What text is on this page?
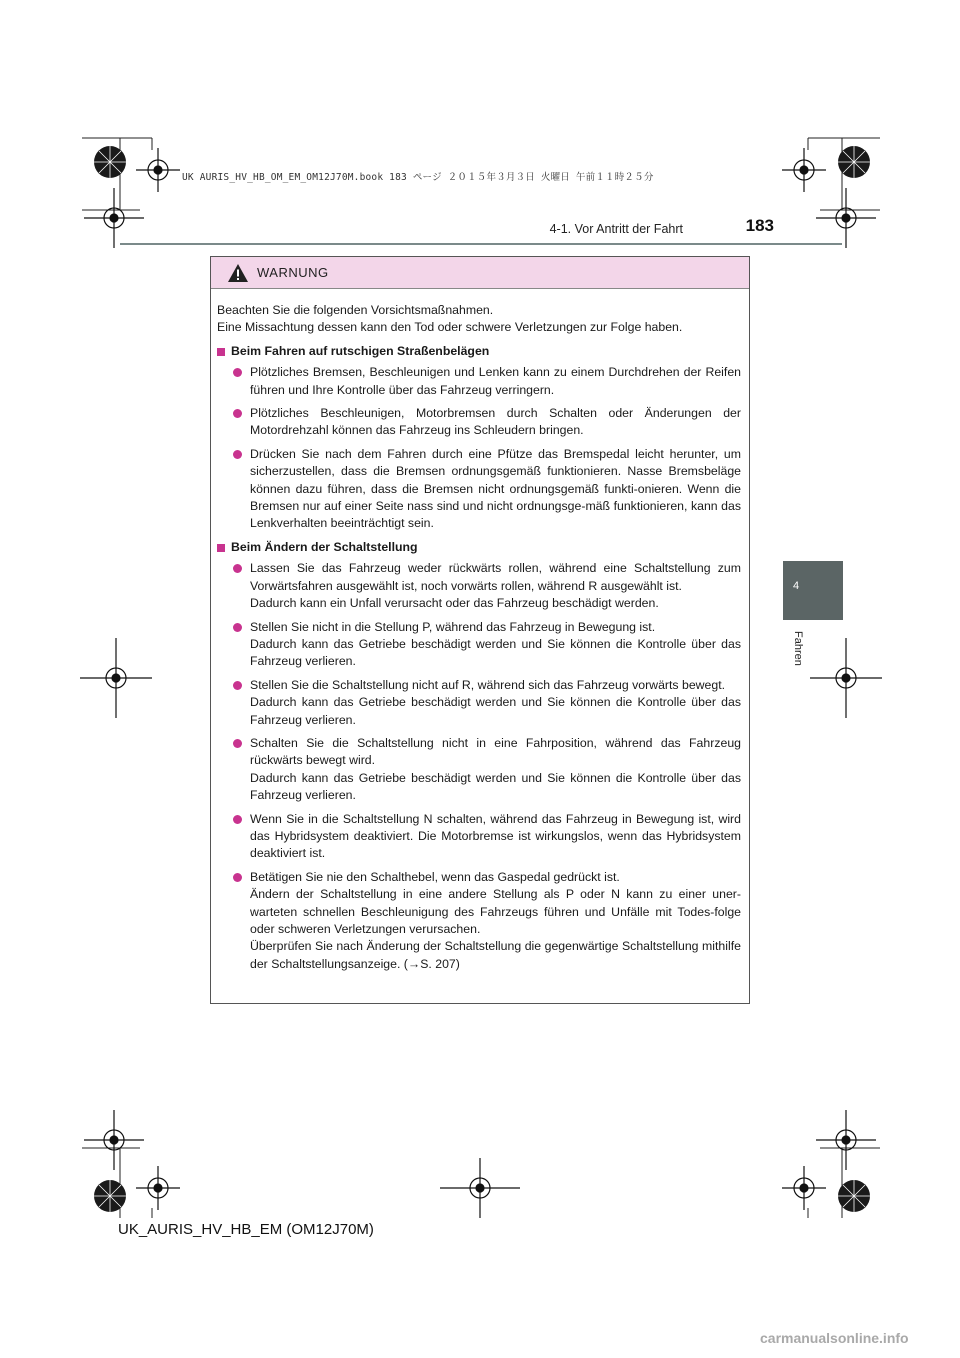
UK AURIS_HV_HB_OM_EM_OM12J70M.book 183 ページ ２０１５年３月３日 火曜日 午前１１時２５分
4-1. Vor Antritt der Fahrt	183
4
Fahren
WARNUNG

Beachten Sie die folgenden Vorsichtsmaßnahmen.

Eine Missachtung dessen kann den Tod oder schwere Verletzungen zur Folge haben.

Beim Fahren auf rutschigen Straßenbelägen
Plötzliches Bremsen, Beschleunigen und Lenken kann zu einem Durchdrehen der Reifen führen und Ihre Kontrolle über das Fahrzeug verringern.
Plötzliches Beschleunigen, Motorbremsen durch Schalten oder Änderungen der Motordrehzahl können das Fahrzeug ins Schleudern bringen.
Drücken Sie nach dem Fahren durch eine Pfütze das Bremspedal leicht herunter, um sicherzustellen, dass die Bremsen ordnungsgemäß funktionieren. Nasse Bremsbeläge können dazu führen, dass die Bremsen nicht ordnungsgemäß funkti-onieren. Wenn die Bremsen nur auf einer Seite nass sind und nicht ordnungsge-mäß funktionieren, kann das Lenkverhalten beeinträchtigt sein.
Beim Ändern der Schaltstellung
Lassen Sie das Fahrzeug weder rückwärts rollen, während eine Schaltstellung zum Vorwärtsfahren ausgewählt ist, noch vorwärts rollen, während R ausgewählt ist.
Dadurch kann ein Unfall verursacht oder das Fahrzeug beschädigt werden.
Stellen Sie nicht in die Stellung P, während das Fahrzeug in Bewegung ist.
Dadurch kann das Getriebe beschädigt werden und Sie können die Kontrolle über das Fahrzeug verlieren.
Stellen Sie die Schaltstellung nicht auf R, während sich das Fahrzeug vorwärts bewegt.
Dadurch kann das Getriebe beschädigt werden und Sie können die Kontrolle über das Fahrzeug verlieren.
Schalten Sie die Schaltstellung nicht in eine Fahrposition, während das Fahrzeug rückwärts bewegt wird.
Dadurch kann das Getriebe beschädigt werden und Sie können die Kontrolle über das Fahrzeug verlieren.
Wenn Sie in die Schaltstellung N schalten, während das Fahrzeug in Bewegung ist, wird das Hybridsystem deaktiviert. Die Motorbremse ist wirkungslos, wenn das Hybridsystem deaktiviert ist.
Betätigen Sie nie den Schalthebel, wenn das Gaspedal gedrückt ist.
Ändern der Schaltstellung in eine andere Stellung als P oder N kann zu einer uner-warteten schnellen Beschleunigung des Fahrzeugs führen und Unfälle mit Todes-folge oder schweren Verletzungen verursachen.
Überprüfen Sie nach Änderung der Schaltstellung die gegenwärtige Schaltstellung mithilfe der Schaltstellungsanzeige. (→S. 207)
UK_AURIS_HV_HB_EM (OM12J70M)
carmanualsonline.info
